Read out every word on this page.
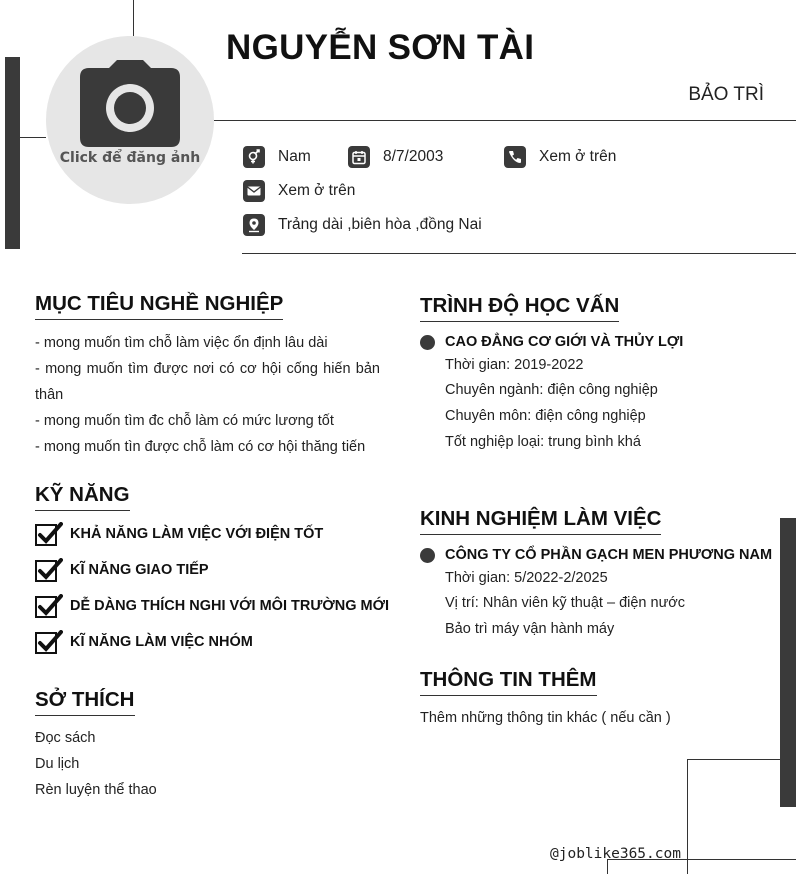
Click để đăng ảnh
NGUYỄN SƠN TÀI
BẢO TRÌ
Nam	8/7/2003	Xem ở trên
Xem ở trên
Trảng dài ,biên hòa ,đồng Nai
MỤC TIÊU NGHỀ NGHIỆP
- mong muốn tìm chỗ làm việc ổn định lâu dài
- mong muốn tìm được nơi có cơ hội cống hiến bản thân
- mong muốn tìm đc chỗ làm có mức lương tốt
- mong muốn tìn được chỗ làm có cơ hội thăng tiến
KỸ NĂNG
KHẢ NĂNG LÀM VIỆC VỚI ĐIỆN TỐT
KĨ NĂNG GIAO TIẾP
DỄ DÀNG THÍCH NGHI VỚI MÔI TRƯỜNG MỚI
KĨ NĂNG LÀM VIỆC NHÓM
SỞ THÍCH
Đọc sách
Du lịch
Rèn luyện thể thao
TRÌNH ĐỘ HỌC VẤN
CAO ĐẲNG CƠ GIỚI VÀ THỦY LỢI
Thời gian: 2019-2022
Chuyên ngành: điện công nghiệp
Chuyên môn: điện công nghiệp
Tốt nghiệp loại: trung bình khá
KINH NGHIỆM LÀM VIỆC
CÔNG TY CỔ PHẦN GẠCH MEN PHƯƠNG NAM
Thời gian: 5/2022-2/2025
Vị trí: Nhân viên kỹ thuật – điện nước
Bảo trì máy vận hành máy
THÔNG TIN THÊM
Thêm những thông tin khác ( nếu cần )
@joblike365.com
